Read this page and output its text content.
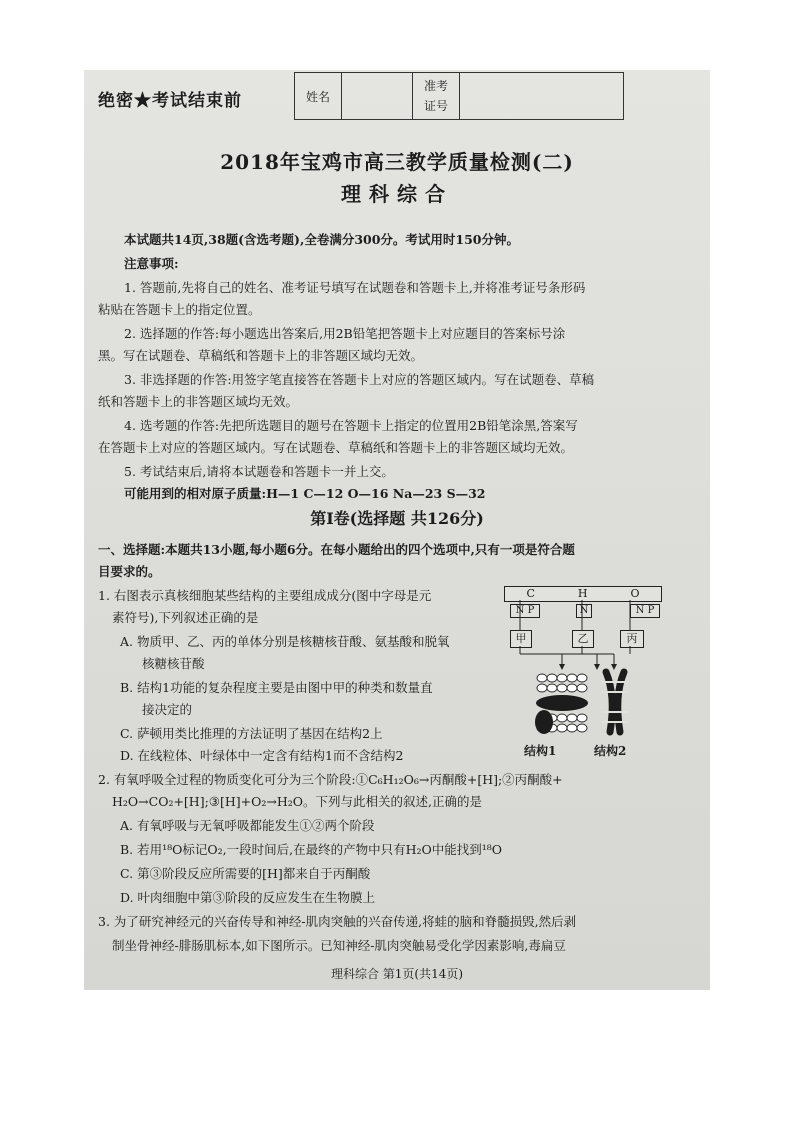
绝密★考试结束前	姓名
准考
证号
2018年宝鸡市高三教学质量检测(二)
理科综合
本试题共14页,38题(含选考题),全卷满分300分。考试用时150分钟。
注意事项:
1. 答题前,先将自己的姓名、准考证号填写在试题卷和答题卡上,并将准考证号条形码
粘贴在答题卡上的指定位置。
2. 选择题的作答:每小题选出答案后,用2B铅笔把答题卡上对应题目的答案标号涂
黑。写在试题卷、草稿纸和答题卡上的非答题区域均无效。
3. 非选择题的作答:用签字笔直接答在答题卡上对应的答题区域内。写在试题卷、草稿
纸和答题卡上的非答题区域均无效。
4. 选考题的作答:先把所选题目的题号在答题卡上指定的位置用2B铅笔涂黑,答案写
在答题卡上对应的答题区域内。写在试题卷、草稿纸和答题卡上的非答题区域均无效。
5. 考试结束后,请将本试题卷和答题卡一并上交。
可能用到的相对原子质量:H—1 C—12 O—16 Na—23 S—32
第Ⅰ卷(选择题 共126分)
一、选择题:本题共13小题,每小题6分。在每小题给出的四个选项中,只有一项是符合题
目要求的。
1. 右图表示真核细胞某些结构的主要组成成分(图中字母是元
素符号),下列叙述正确的是
A. 物质甲、乙、丙的单体分别是核糖核苷酸、氨基酸和脱氧
核糖核苷酸
B. 结构1功能的复杂程度主要是由图中甲的种类和数量直
接决定的
C. 萨顿用类比推理的方法证明了基因在结构2上
D. 在线粒体、叶绿体中一定含有结构1而不含结构2
C	H	O
N P	N	N P
甲	乙	丙
结构1	结构2
2. 有氧呼吸全过程的物质变化可分为三个阶段:①C₆H₁₂O₆→丙酮酸+[H];②丙酮酸+
H₂O→CO₂+[H];③[H]+O₂→H₂O。下列与此相关的叙述,正确的是
A. 有氧呼吸与无氧呼吸都能发生①②两个阶段
B. 若用¹⁸O标记O₂,一段时间后,在最终的产物中只有H₂O中能找到¹⁸O
C. 第③阶段反应所需要的[H]都来自于丙酮酸
D. 叶肉细胞中第③阶段的反应发生在生物膜上
3. 为了研究神经元的兴奋传导和神经-肌肉突触的兴奋传递,将蛙的脑和脊髓损毁,然后剥
制坐骨神经-腓肠肌标本,如下图所示。已知神经-肌肉突触易受化学因素影响,毒扁豆
理科综合 第1页(共14页)
